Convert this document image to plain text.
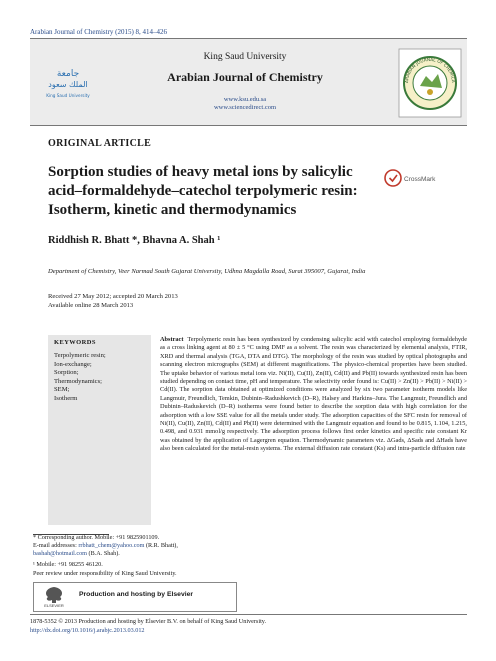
Arabian Journal of Chemistry (2015) 8, 414–426
جامعة
الملك سعود
King Saud University
King Saud University
Arabian Journal of Chemistry
www.ksu.edu.sa
www.sciencedirect.com
ARABIAN JOURNAL OF CHEMICA
ORIGINAL ARTICLE
Sorption studies of heavy metal ions by salicylic acid–formaldehyde–catechol terpolymeric resin: Isotherm, kinetic and thermodynamics
CrossMark
Riddhish R. Bhatt *, Bhavna A. Shah ¹
Department of Chemistry, Veer Narmad South Gujarat University, Udhna Magdalla Road, Surat 395007, Gujarat, India
Received 27 May 2012; accepted 20 March 2013
Available online 28 March 2013
KEYWORDS
Terpolymeric resin;
Ion-exchange;
Sorption;
Thermodynamics;
SEM;
Isotherm
Abstract Terpolymeric resin has been synthesized by condensing salicylic acid with catechol employing formaldehyde as a cross linking agent at 80 ± 5 °C using DMF as a solvent. The resin was characterized by elemental analysis, FTIR, XRD and thermal analysis (TGA, DTA and DTG). The morphology of the resin was studied by optical photographs and scanning electron micrographs (SEM) at different magnifications. The physico-chemical properties have been studied. The uptake behavior of various metal ions viz. Ni(II), Cu(II), Zn(II), Cd(II) and Pb(II) towards synthesized resin has been studied depending on contact time, pH and temperature. The selectivity order found is: Cu(II) > Zn(II) > Pb(II) > Ni(II) > Cd(II). The sorption data obtained at optimized conditions were analyzed by six two parameter isotherm models like Langmuir, Freundlich, Temkin, Dubinin–Radushkevich (D–R), Halsey and Harkins–Jura. The Langmuir, Freundlich and Dubinin–Raduskevich (D–R) isotherms were found better to describe the sorption data with high correlation for the adsorption with a low SSE value for all the metals under study. The adsorption capacities of the SFC resin for removal of Ni(II), Cu(II), Zn(II), Cd(II) and Pb(II) were determined with the Langmuir equation and found to be 0.815, 1.104, 1.215, 0.498, and 0.931 mmol/g respectively. The adsorption process follows first order kinetics and specific rate constant Kr was obtained by the application of Lagergren equation. Thermodynamic parameters viz. ΔGads, ΔSads and ΔHads have also been calculated for the metal-resin systems. The external diffusion rate constant (Ks) and intra-particle diffusion rate
* Corresponding author. Mobile: +91 9825901109.
E-mail addresses: rrbhatt_chem@yahoo.com (R.R. Bhatt),
bashah@hotmail.com (B.A. Shah).
¹ Mobile: +91 98255 46120.
Peer review under responsibility of King Saud University.
ELSEVIER
Production and hosting by Elsevier
1878-5352 © 2013 Production and hosting by Elsevier B.V. on behalf of King Saud University.
http://dx.doi.org/10.1016/j.arabjc.2013.03.012
